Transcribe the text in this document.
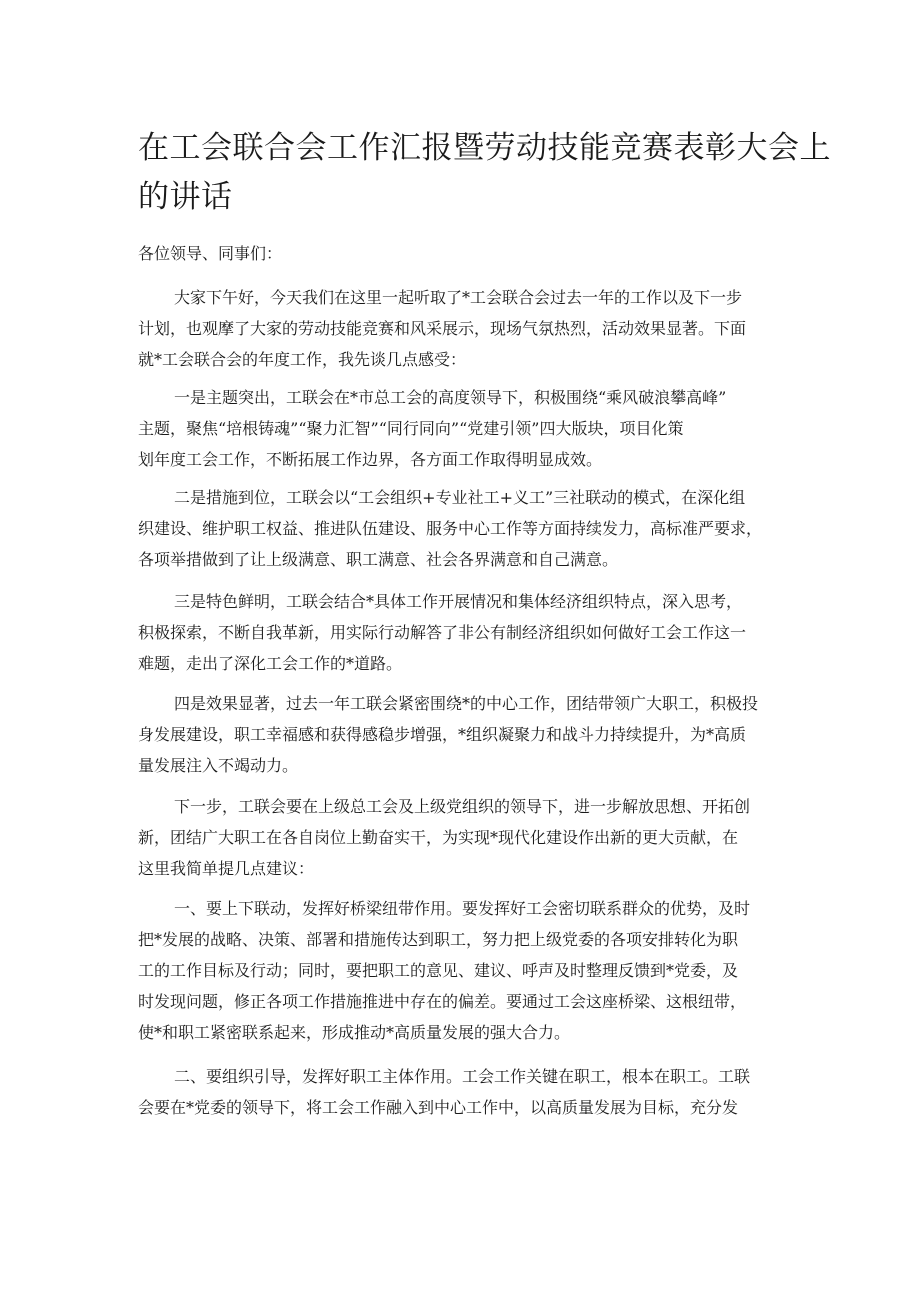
在工会联合会工作汇报暨劳动技能竞赛表彰大会上
的讲话

各位领导、同事们：

大家下午好，今天我们在这里一起听取了*工会联合会过去一年的工作以及下一步
计划，也观摩了大家的劳动技能竞赛和风采展示，现场气氛热烈，活动效果显著。下面
就*工会联合会的年度工作，我先谈几点感受：

一是主题突出，工联会在*市总工会的高度领导下，积极围绕“乘风破浪攀高峰”
主题，聚焦“培根铸魂”“聚力汇智”“同行同向”“党建引领”四大版块，项目化策
划年度工会工作，不断拓展工作边界，各方面工作取得明显成效。

二是措施到位，工联会以“工会组织+专业社工+义工”三社联动的模式，在深化组
织建设、维护职工权益、推进队伍建设、服务中心工作等方面持续发力，高标准严要求，
各项举措做到了让上级满意、职工满意、社会各界满意和自己满意。

三是特色鲜明，工联会结合*具体工作开展情况和集体经济组织特点，深入思考，
积极探索，不断自我革新，用实际行动解答了非公有制经济组织如何做好工会工作这一
难题，走出了深化工会工作的*道路。

四是效果显著，过去一年工联会紧密围绕*的中心工作，团结带领广大职工，积极投
身发展建设，职工幸福感和获得感稳步增强，*组织凝聚力和战斗力持续提升，为*高质
量发展注入不竭动力。

下一步，工联会要在上级总工会及上级党组织的领导下，进一步解放思想、开拓创
新，团结广大职工在各自岗位上勤奋实干，为实现*现代化建设作出新的更大贡献，在
这里我简单提几点建议：

一、要上下联动，发挥好桥梁纽带作用。要发挥好工会密切联系群众的优势，及时
把*发展的战略、决策、部署和措施传达到职工，努力把上级党委的各项安排转化为职
工的工作目标及行动；同时，要把职工的意见、建议、呼声及时整理反馈到*党委，及
时发现问题，修正各项工作措施推进中存在的偏差。要通过工会这座桥梁、这根纽带，
使*和职工紧密联系起来，形成推动*高质量发展的强大合力。

二、要组织引导，发挥好职工主体作用。工会工作关键在职工，根本在职工。工联
会要在*党委的领导下，将工会工作融入到中心工作中，以高质量发展为目标，充分发
